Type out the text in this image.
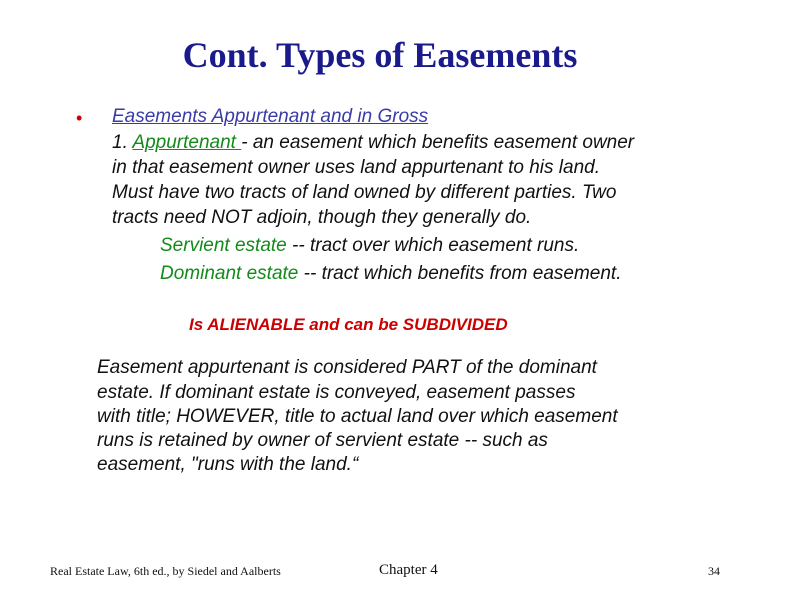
Cont. Types of Easements
• Easements Appurtenant and in Gross
1. Appurtenant - an easement which benefits easement owner
in that easement owner uses land appurtenant to his land.
Must have two tracts of land owned by different parties. Two
tracts need NOT adjoin, though they generally do.
Servient estate -- tract over which easement runs.
Dominant estate -- tract which benefits from easement.
Is ALIENABLE and can be SUBDIVIDED
Easement appurtenant is considered PART of the dominant
estate. If dominant estate is conveyed, easement passes
with title; HOWEVER, title to actual land over which easement
runs is retained by owner of servient estate -- such as
easement, "runs with the land.“
Real Estate Law, 6th ed., by Siedel and Aalberts	Chapter 4	34
